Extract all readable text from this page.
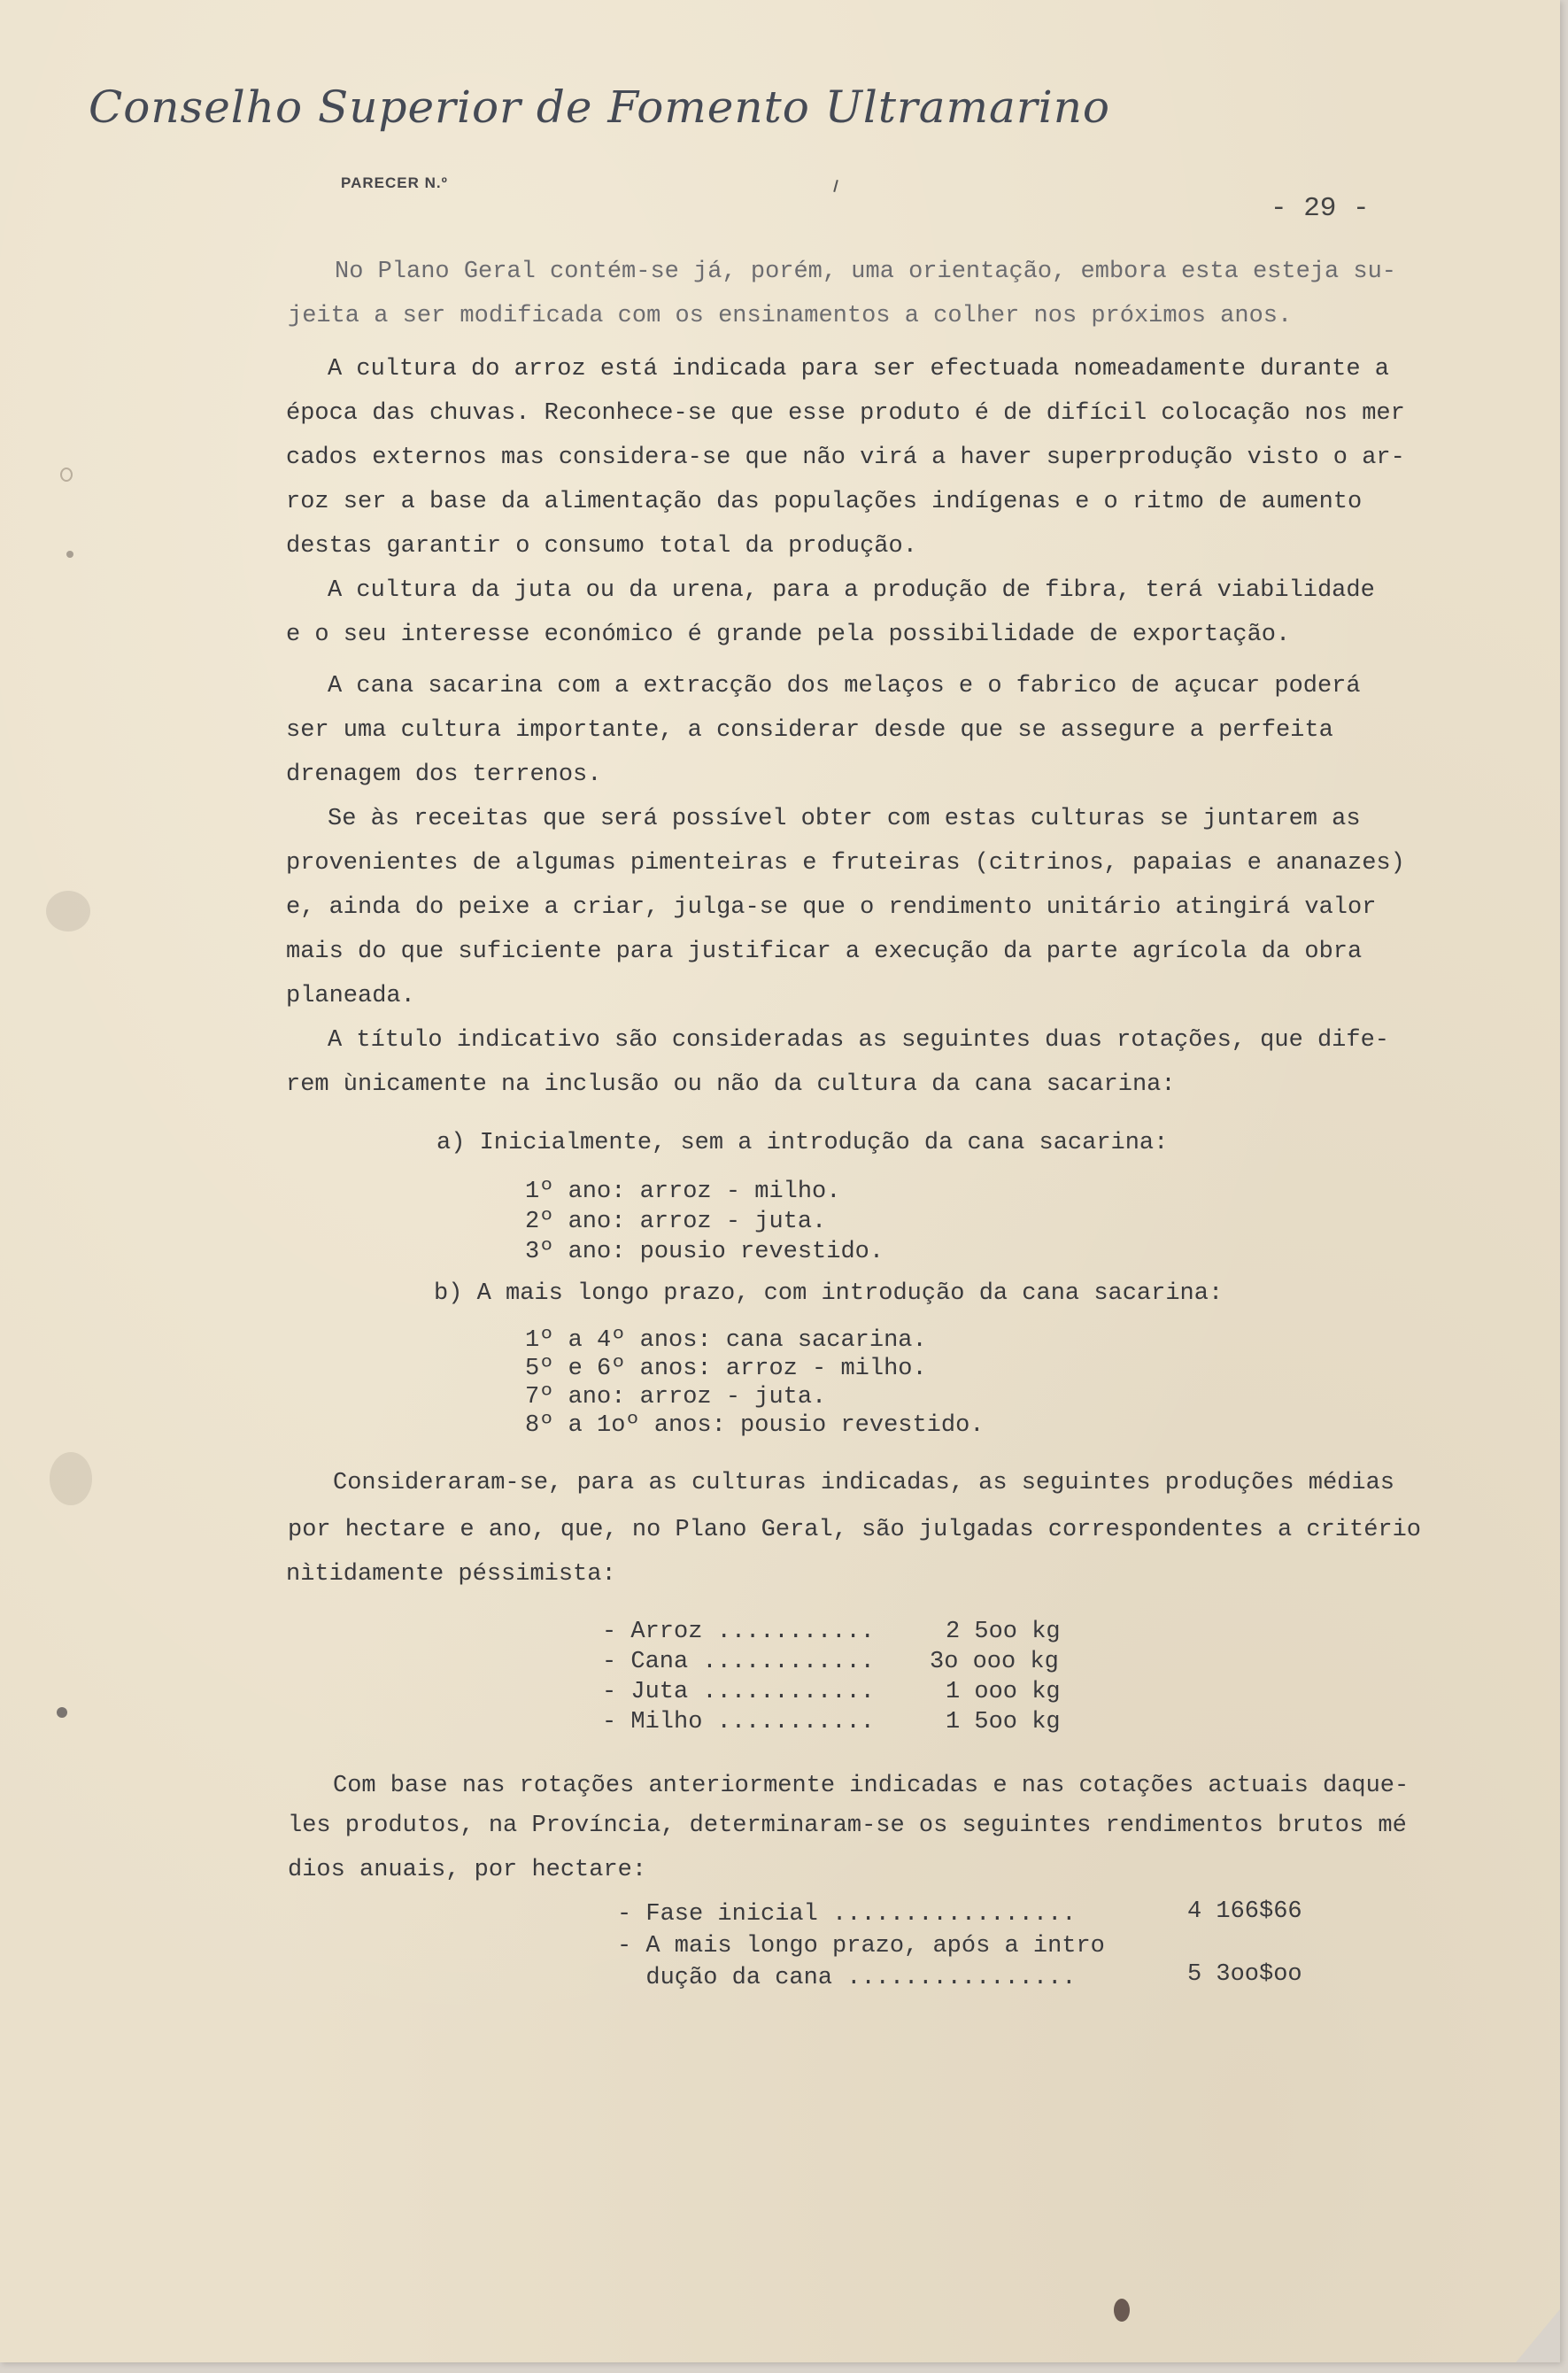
Conselho Superior de Fomento Ultramarino
PARECER N.º
- 29 -
No Plano Geral contém-se já, porém, uma orientação, embora esta esteja su-
jeita a ser modificada com os ensinamentos a colher nos próximos anos.
A cultura do arroz está indicada para ser efectuada nomeadamente durante a
época das chuvas. Reconhece-se que esse produto é de difícil colocação nos mer
cados externos mas considera-se que não virá a haver superprodução visto o ar-
roz ser a base da alimentação das populações indígenas e o ritmo de aumento
destas garantir o consumo total da produção.
A cultura da juta ou da urena, para a produção de fibra, terá viabilidade
e o seu interesse económico é grande pela possibilidade de exportação.
A cana sacarina com a extracção dos melaços e o fabrico de açucar poderá
ser uma cultura importante, a considerar desde que se assegure a perfeita
drenagem dos terrenos.
Se às receitas que será possível obter com estas culturas se juntarem as
provenientes de algumas pimenteiras e fruteiras (citrinos, papaias e ananazes)
e, ainda do peixe a criar, julga-se que o rendimento unitário atingirá valor
mais do que suficiente para justificar a execução da parte agrícola da obra
planeada.
A título indicativo são consideradas as seguintes duas rotações, que dife-
rem ùnicamente na inclusão ou não da cultura da cana sacarina:
a) Inicialmente, sem a introdução da cana sacarina:
1º ano: arroz - milho.
2º ano: arroz - juta.
3º ano: pousio revestido.
b) A mais longo prazo, com introdução da cana sacarina:
1º a 4º anos: cana sacarina.
5º e 6º anos: arroz - milho.
7º ano: arroz - juta.
8º a 1oº anos: pousio revestido.
Consideraram-se, para as culturas indicadas, as seguintes produções médias
por hectare e ano, que, no Plano Geral, são julgadas correspondentes a critério
nìtidamente péssimista:
- Arroz ...........	2 5oo kg
- Cana ............ 3o ooo kg
- Juta ............	1 ooo kg
- Milho ...........	1 5oo kg
Com base nas rotações anteriormente indicadas e nas cotações actuais daque-
les produtos, na Província, determinaram-se os seguintes rendimentos brutos mé
dios anuais, por hectare:
- Fase inicial .................	4 166$66
- A mais longo prazo, após a intro
dução da cana ................	5 3oo$oo
